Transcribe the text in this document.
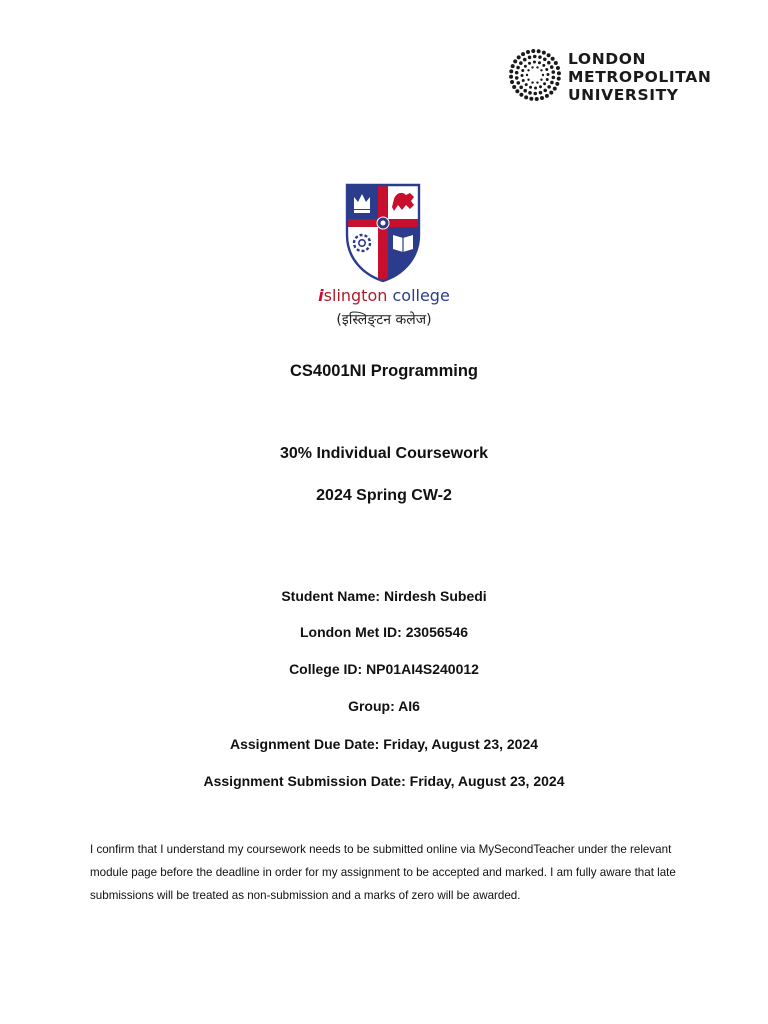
LONDON
METROPOLITAN
UNIVERSITY
islington college
(इस्लिङ्टन कलेज)
CS4001NI Programming
30% Individual Coursework
2024 Spring CW-2
Student Name: Nirdesh Subedi
London Met ID: 23056546
College ID: NP01AI4S240012
Group: AI6
Assignment Due Date: Friday, August 23, 2024
Assignment Submission Date: Friday, August 23, 2024
I confirm that I understand my coursework needs to be submitted online via MySecondTeacher under the relevant module page before the deadline in order for my assignment to be accepted and marked. I am fully aware that late submissions will be treated as non-submission and a marks of zero will be awarded.
